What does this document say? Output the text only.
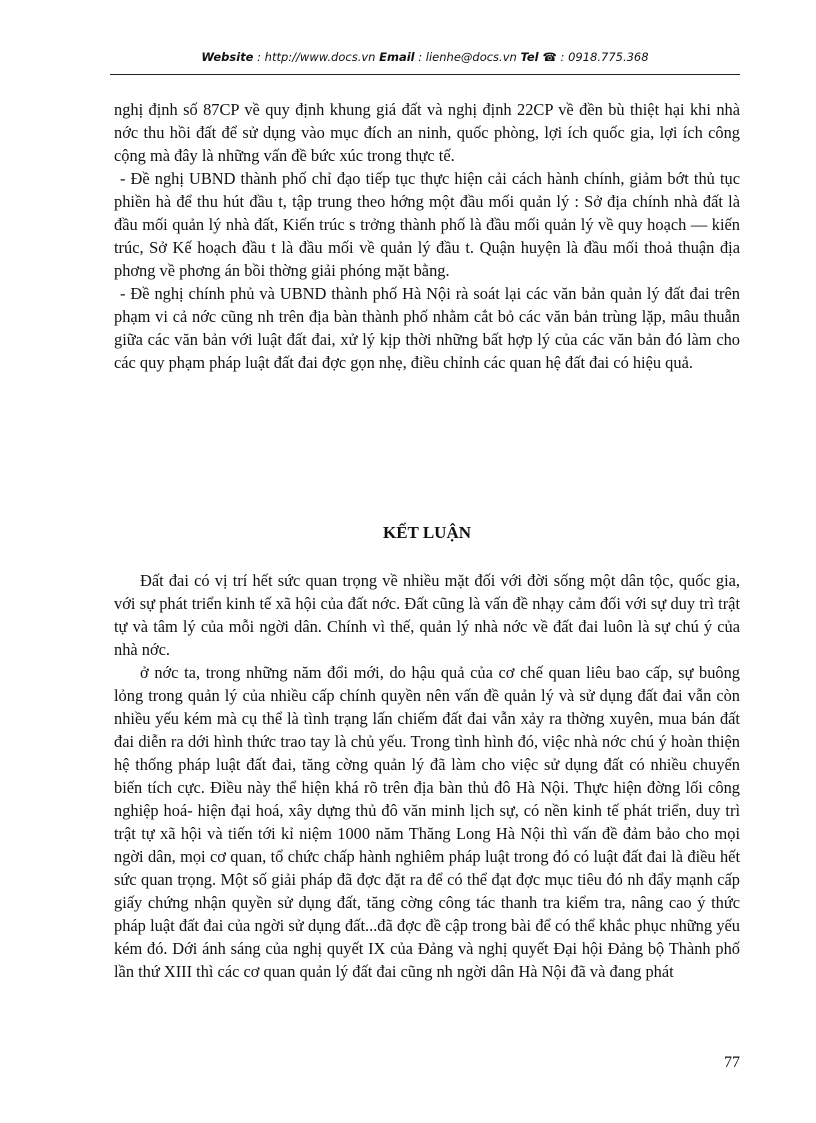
Website : http://www.docs.vn Email : lienhe@docs.vn Tel ☎ : 0918.775.368

nghị định số 87CP về quy định khung giá đất và nghị định 22CP về đền bù thiệt hại khi nhà nớc thu hồi đất để sử dụng vào mục đích an ninh, quốc phòng, lợi ích quốc gia, lợi ích công cộng mà đây là những vấn đề bức xúc trong thực tế.

- Đề nghị UBND thành phố chỉ đạo tiếp tục thực hiện cải cách hành chính, giảm bớt thủ tục phiền hà để thu hút đầu t, tập trung theo hớng một đầu mối quản lý : Sở địa chính nhà đất là đầu mối quản lý nhà đất, Kiến trúc s trởng thành phố là đầu mối quản lý về quy hoạch — kiến trúc, Sở Kế hoạch đầu t là đầu mối về quản lý đầu t. Quận huyện là đầu mối thoả thuận địa phơng về phơng án bồi thờng giải phóng mặt bằng.

- Đề nghị chính phủ và UBND thành phố Hà Nội rà soát lại các văn bản quản lý đất đai trên phạm vi cả nớc cũng nh trên địa bàn thành phố nhằm cắt bỏ các văn bản trùng lặp, mâu thuẫn giữa các văn bản với luật đất đai, xử lý kịp thời những bất hợp lý của các văn bản đó làm cho các quy phạm pháp luật đất đai đợc gọn nhẹ, điều chỉnh các quan hệ đất đai có hiệu quả.

KẾT LUẬN

Đất đai có vị trí hết sức quan trọng về nhiều mặt đối với đời sống một dân tộc, quốc gia, với sự phát triển kinh tế xã hội của đất nớc. Đất cũng là vấn đề nhạy cảm đối với sự duy trì trật tự và tâm lý của mỗi ngời dân. Chính vì thế, quản lý nhà nớc về đất đai luôn là sự chú ý của nhà nớc.

ở nớc ta, trong những năm đổi mới, do hậu quả của cơ chế quan liêu bao cấp, sự buông lỏng trong quản lý của nhiều cấp chính quyền nên vấn đề quản lý và sử dụng đất đai vẫn còn nhiều yếu kém mà cụ thể là tình trạng lấn chiếm đất đai vẫn xảy ra thờng xuyên, mua bán đất đai diễn ra dới hình thức trao tay là chủ yếu. Trong tình hình đó, việc nhà nớc chú ý hoàn thiện hệ thống pháp luật đất đai, tăng cờng quản lý đã làm cho việc sử dụng đất có nhiều chuyển biến tích cực. Điều này thể hiện khá rõ trên địa bàn thủ đô Hà Nội. Thực hiện đờng lối công nghiệp hoá- hiện đại hoá, xây dựng thủ đô văn minh lịch sự, có nền kinh tế phát triển, duy trì trật tự xã hội và tiến tới kỉ niệm 1000 năm Thăng Long Hà Nội thì vấn đề đảm bảo cho mọi ngời dân, mọi cơ quan, tổ chức chấp hành nghiêm pháp luật trong đó có luật đất đai là điều hết sức quan trọng. Một số giải pháp đã đợc đặt ra để có thể đạt đợc mục tiêu đó nh đẩy mạnh cấp giấy chứng nhận quyền sử dụng đất, tăng cờng công tác thanh tra kiểm tra, nâng cao ý thức pháp luật đất đai của ngời sử dụng đất...đã đợc đề cập trong bài để có thể khắc phục những yếu kém đó. Dới ánh sáng của nghị quyết IX của Đảng và nghị quyết Đại hội Đảng bộ Thành phố lần thứ XIII thì các cơ quan quản lý đất đai cũng nh ngời dân Hà Nội đã và đang phát

77
